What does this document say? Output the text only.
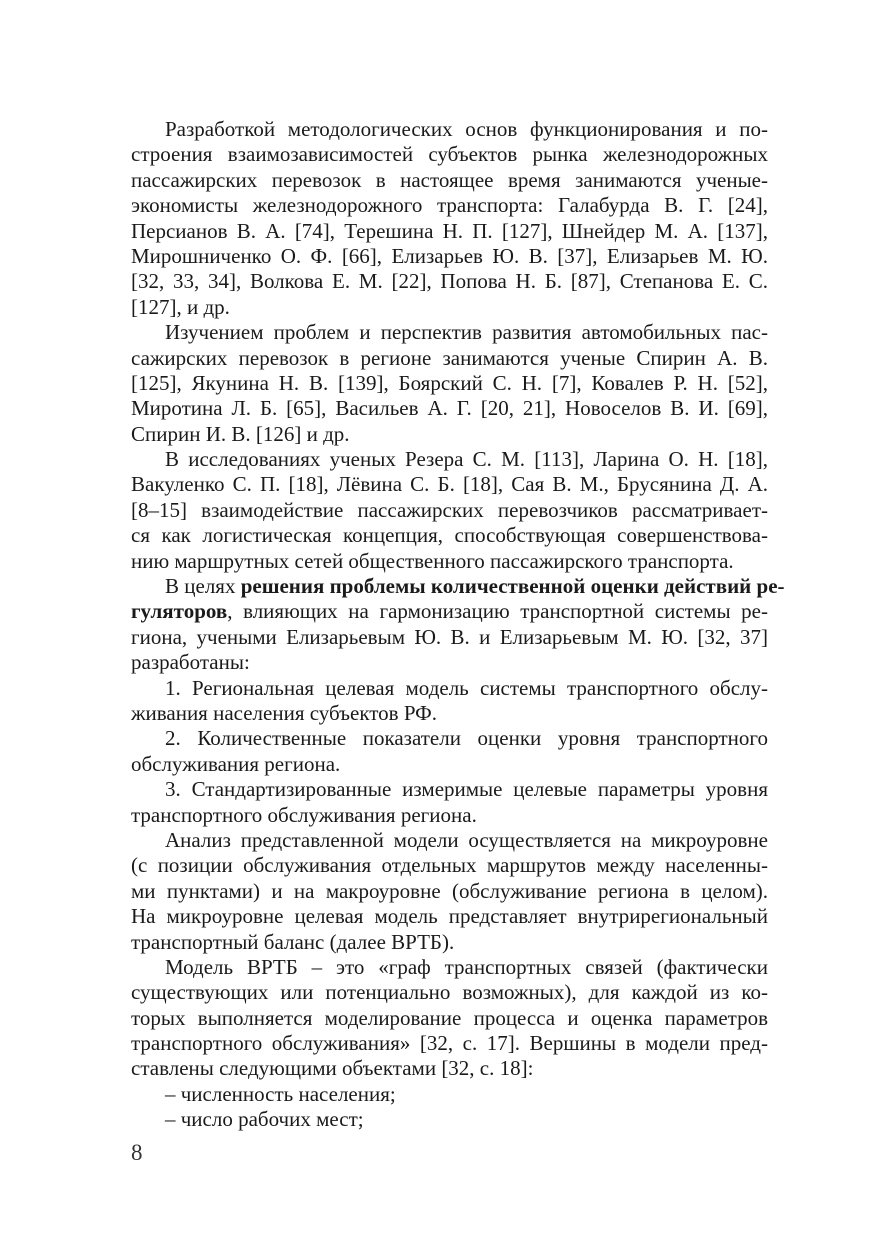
Разработкой методологических основ функционирования и по-
строения взаимозависимостей субъектов рынка железнодорожных
пассажирских перевозок в настоящее время занимаются ученые-
экономисты железнодорожного транспорта: Галабурда В. Г. [24],
Персианов В. А. [74], Терешина Н. П. [127], Шнейдер М. А. [137],
Мирошниченко О. Ф. [66], Елизарьев Ю. В. [37], Елизарьев М. Ю.
[32, 33, 34], Волкова Е. М. [22], Попова Н. Б. [87], Степанова Е. С.
[127], и др.
Изучением проблем и перспектив развития автомобильных пас-
сажирских перевозок в регионе занимаются ученые Спирин А. В.
[125], Якунина Н. В. [139], Боярский С. Н. [7], Ковалев Р. Н. [52],
Миротина Л. Б. [65], Васильев А. Г. [20, 21], Новоселов В. И. [69],
Спирин И. В. [126] и др.
В исследованиях ученых Резера С. М. [113], Ларина О. Н. [18],
Вакуленко С. П. [18], Лёвина С. Б. [18], Сая В. М., Брусянина Д. А.
[8–15] взаимодействие пассажирских перевозчиков рассматривает-
ся как логистическая концепция, способствующая совершенствова-
нию маршрутных сетей общественного пассажирского транспорта.
В целях решения проблемы количественной оценки действий ре-
гуляторов, влияющих на гармонизацию транспортной системы ре-
гиона, учеными Елизарьевым Ю. В. и Елизарьевым М. Ю. [32, 37]
разработаны:
1. Региональная целевая модель системы транспортного обслу-
живания населения субъектов РФ.
2. Количественные показатели оценки уровня транспортного
обслуживания региона.
3. Стандартизированные измеримые целевые параметры уровня
транспортного обслуживания региона.
Анализ представленной модели осуществляется на микроуровне
(с позиции обслуживания отдельных маршрутов между населенны-
ми пунктами) и на макроуровне (обслуживание региона в целом).
На микроуровне целевая модель представляет внутрирегиональный
транспортный баланс (далее ВРТБ).
Модель ВРТБ – это «граф транспортных связей (фактически
существующих или потенциально возможных), для каждой из ко-
торых выполняется моделирование процесса и оценка параметров
транспортного обслуживания» [32, с. 17]. Вершины в модели пред-
ставлены следующими объектами [32, с. 18]:
– численность населения;
– число рабочих мест;
8
